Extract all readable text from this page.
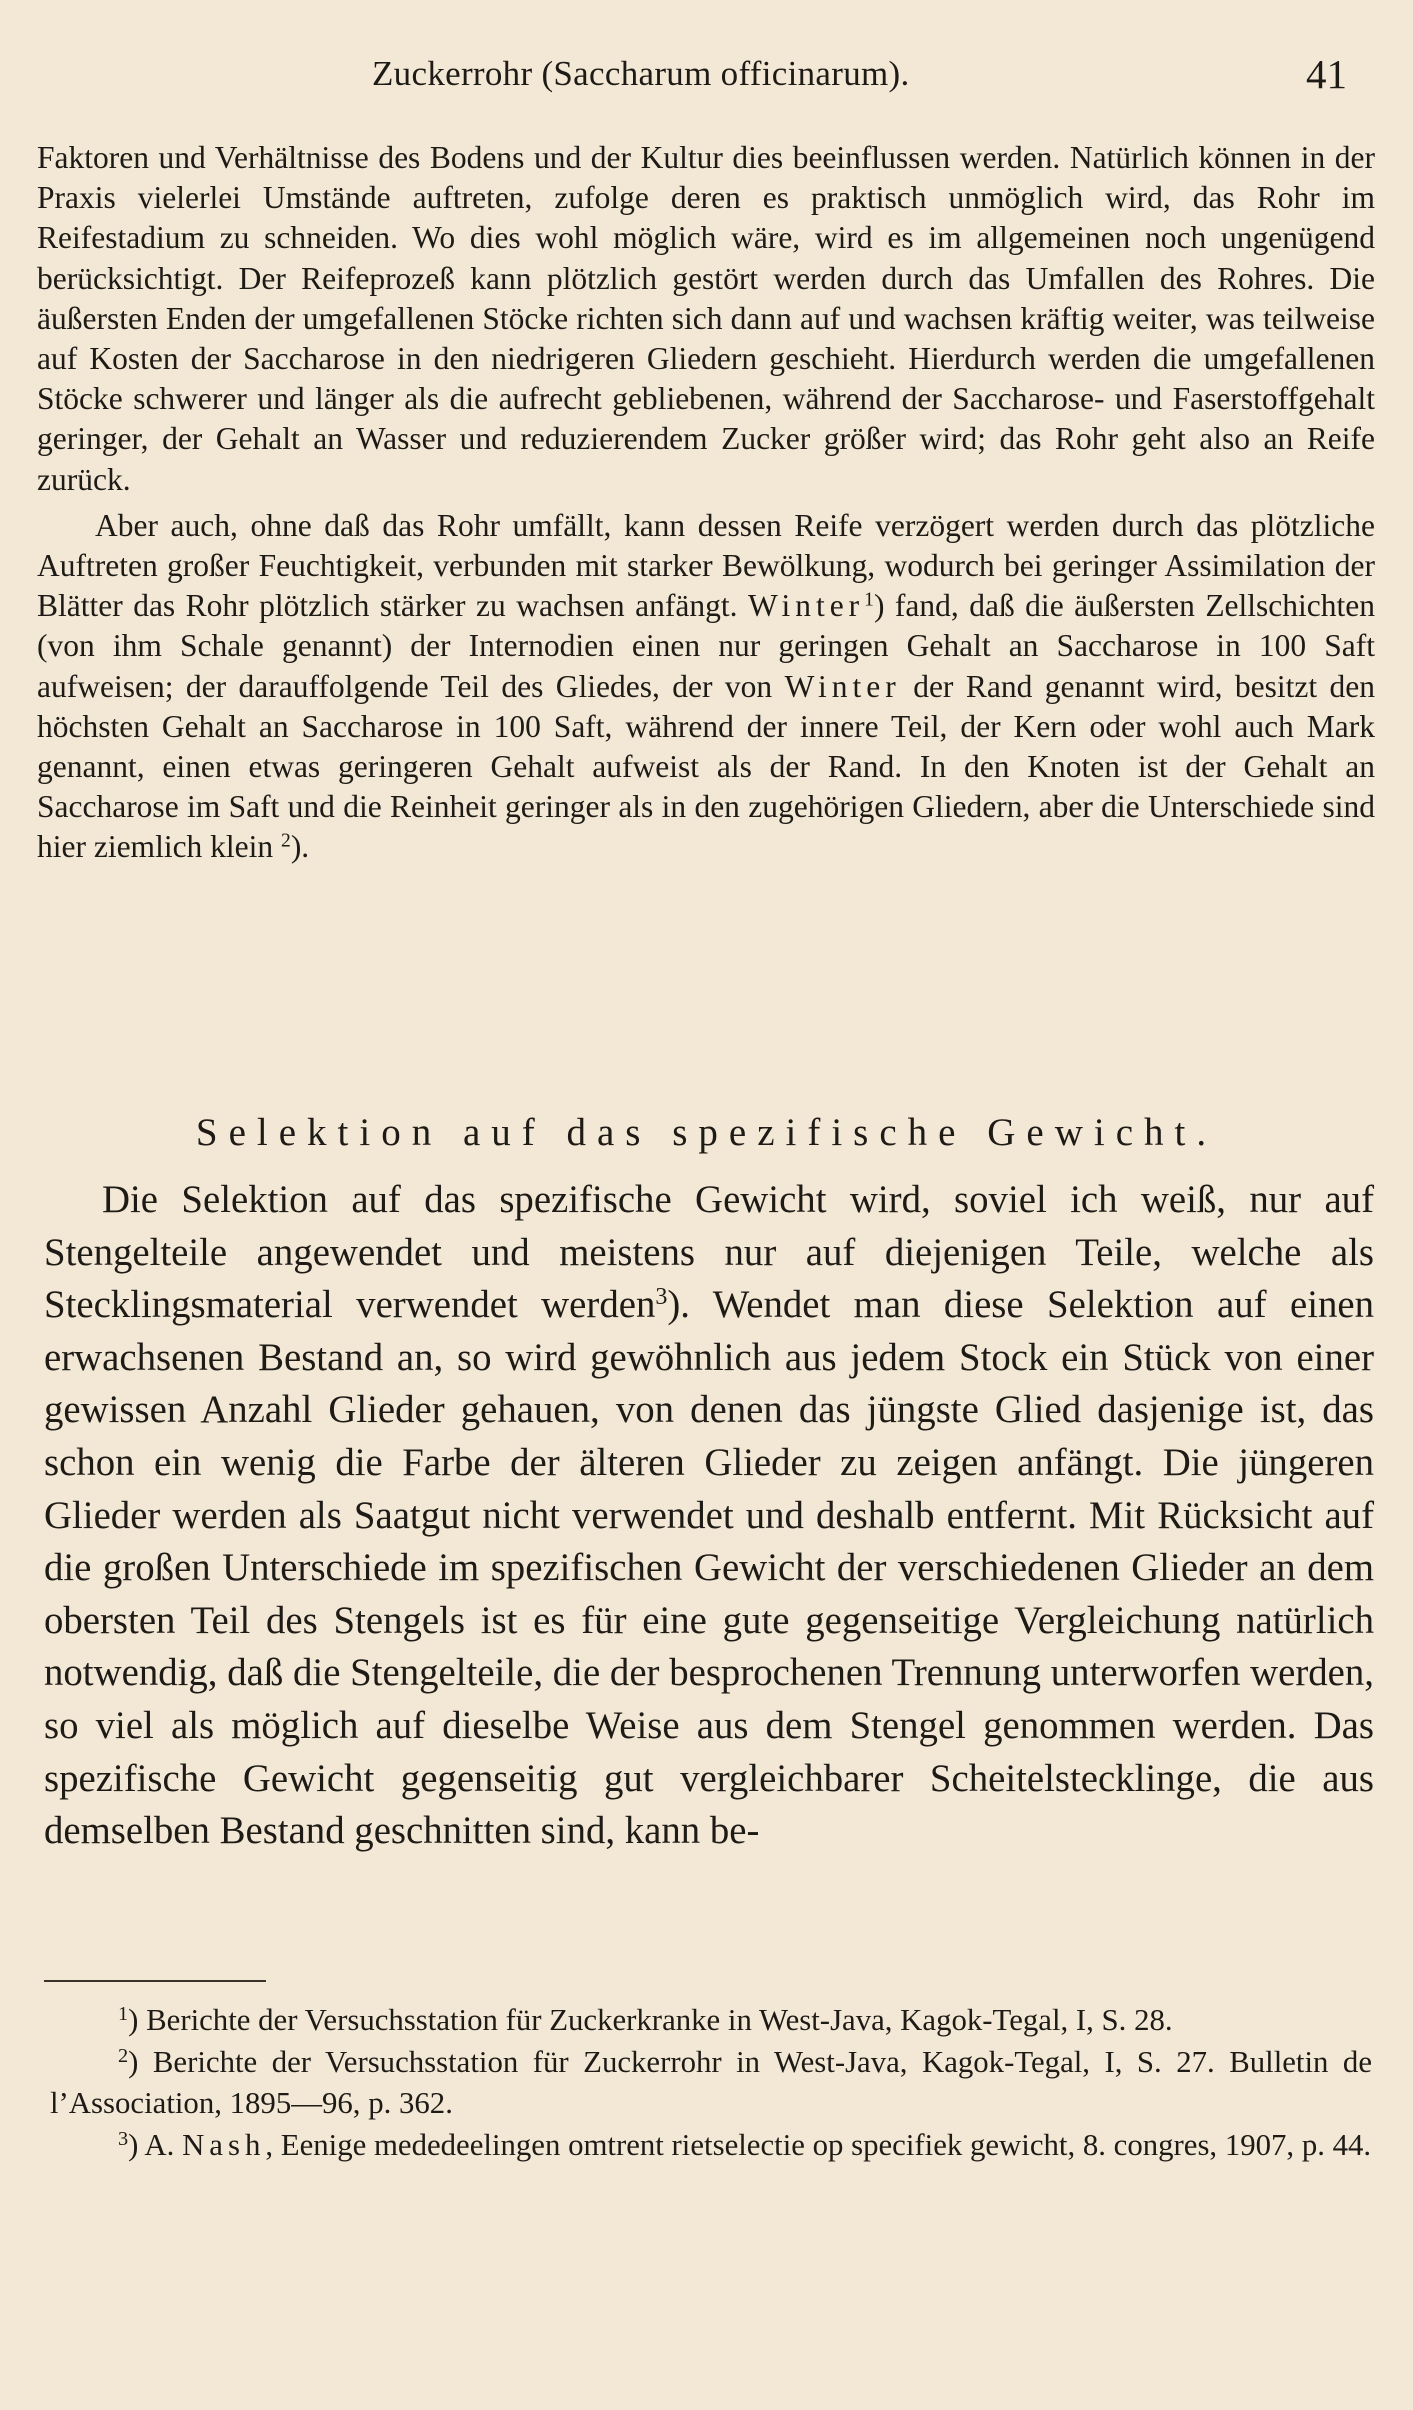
Zuckerrohr (Saccharum officinarum).	41

Faktoren und Verhältnisse des Bodens und der Kultur dies beeinflussen werden. Natürlich können in der Praxis vielerlei Umstände auftreten, zufolge deren es praktisch unmöglich wird, das Rohr im Reifestadium zu schneiden. Wo dies wohl möglich wäre, wird es im allgemeinen noch ungenügend berücksichtigt. Der Reifeprozeß kann plötzlich gestört werden durch das Umfallen des Rohres. Die äußersten Enden der umgefallenen Stöcke richten sich dann auf und wachsen kräftig weiter, was teilweise auf Kosten der Saccharose in den niedrigeren Gliedern geschieht. Hierdurch werden die umgefallenen Stöcke schwerer und länger als die aufrecht gebliebenen, während der Saccharose- und Faserstoffgehalt geringer, der Gehalt an Wasser und reduzierendem Zucker größer wird; das Rohr geht also an Reife zurück.

Aber auch, ohne daß das Rohr umfällt, kann dessen Reife verzögert werden durch das plötzliche Auftreten großer Feuchtigkeit, verbunden mit starker Bewölkung, wodurch bei geringer Assimilation der Blätter das Rohr plötzlich stärker zu wachsen anfängt. Winter$^1$) fand, daß die äußersten Zellschichten (von ihm Schale genannt) der Internodien einen nur geringen Gehalt an Saccharose in 100 Saft aufweisen; der darauffolgende Teil des Gliedes, der von Winter der Rand genannt wird, besitzt den höchsten Gehalt an Saccharose in 100 Saft, während der innere Teil, der Kern oder wohl auch Mark genannt, einen etwas geringeren Gehalt aufweist als der Rand. In den Knoten ist der Gehalt an Saccharose im Saft und die Reinheit geringer als in den zugehörigen Gliedern, aber die Unterschiede sind hier ziemlich klein $^2$).

Selektion auf das spezifische Gewicht.

Die Selektion auf das spezifische Gewicht wird, soviel ich weiß, nur auf Stengelteile angewendet und meistens nur auf diejenigen Teile, welche als Stecklingsmaterial verwendet werden$^3$). Wendet man diese Selektion auf einen erwachsenen Bestand an, so wird gewöhnlich aus jedem Stock ein Stück von einer gewissen Anzahl Glieder gehauen, von denen das jüngste Glied dasjenige ist, das schon ein wenig die Farbe der älteren Glieder zu zeigen anfängt. Die jüngeren Glieder werden als Saatgut nicht verwendet und deshalb entfernt. Mit Rücksicht auf die großen Unterschiede im spezifischen Gewicht der verschiedenen Glieder an dem obersten Teil des Stengels ist es für eine gute gegenseitige Vergleichung natürlich notwendig, daß die Stengelteile, die der besprochenen Trennung unterworfen werden, so viel als möglich auf dieselbe Weise aus dem Stengel genommen werden. Das spezifische Gewicht gegenseitig gut vergleichbarer Scheitelstecklinge, die aus demselben Bestand geschnitten sind, kann be-

$^1$) Berichte der Versuchsstation für Zuckerkranke in West-Java, Kagok-Tegal, I, S. 28.

$^2$) Berichte der Versuchsstation für Zuckerrohr in West-Java, Kagok-Tegal, I, S. 27. Bulletin de l’Association, 1895—96, p. 362.

$^3$) A. Nash, Eenige mededeelingen omtrent rietselectie op specifiek gewicht, 8. congres, 1907, p. 44.
